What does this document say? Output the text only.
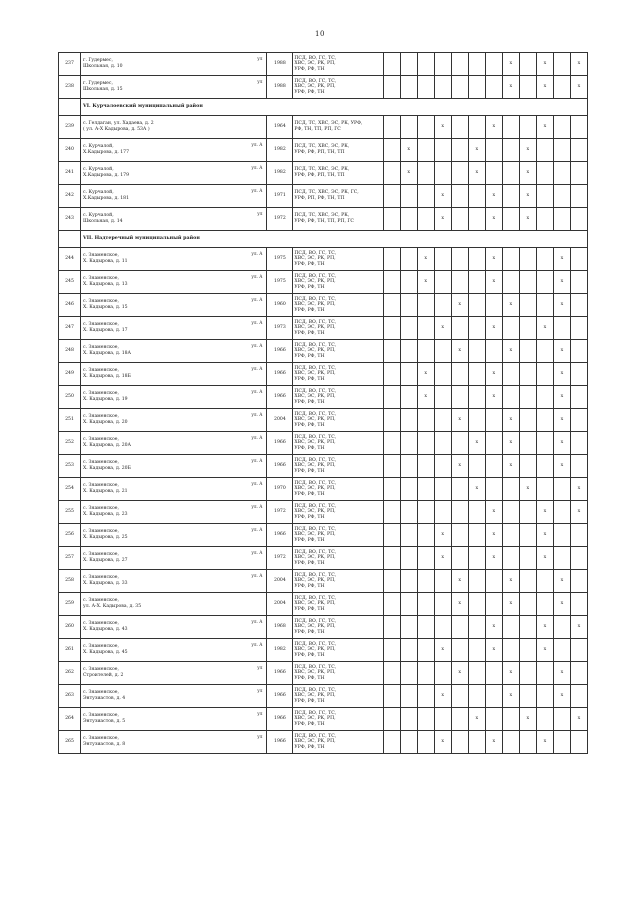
10
237	г. Гудермес,
Школьная, д. 10
ул	1988	ПСД, ВО, ГС, ТС,
ХВС, ЭС, РК, РП,
УРФ, РФ, ТН								x		x		x
238	г. Гудермес,
Школьная, д. 15
ул	1988	ПСД, ВО, ГС, ТС,
ХВС, ЭС, РК, РП,
УРФ, РФ, ТН								x		x		x
	VI. Курчалоевский муниципальный район														
239	с. Гелдаган, ул. Хадаева, д. 2
( ул. А-Х Кадырова, д. 53А )	1964	ПСД, ТС, ХВС, ЭС, РК, УРФ,
РФ, ТН, ТП, РП, ГС				x			x			x		
240	с. Курчалой,
Х.Кадырова, д. 177
ул. А	1982	ПСД, ТС, ХВС, ЭС, РК,
УРФ, РФ, РП, ТН, ТП		x				x			x			
241	с. Курчалой,
Х.Кадырова, д. 179
ул. А	1982	ПСД, ТС, ХВС, ЭС, РК,
УРФ, РФ, РП, ТН, ТП		x				x			x			
242	с. Курчалой,
Х.Кадырова, д. 181
ул. А	1971	ПСД, ТС, ХВС, ЭС, РК, ГС,
УРФ, РП, РФ, ТН, ТП				x			x		x			
243	с. Курчалой,
Школьная, д. 14
ул	1972	ПСД, ТС, ХВС, ЭС, РК,
УРФ, РФ, ТН, ТП, РП, ГС				x			x		x			
	VII. Надтеречный муниципальный район														
244	с. Знаменское,
Х. Кадырова, д. 11
ул. А	1975	ПСД, ВО, ГС, ТС,
ХВС, ЭС, РК, РП,
УРФ, РФ, ТН			x				x				x	
245	с. Знаменское,
Х. Кадырова, д. 13
ул. А	1975	ПСД, ВО, ГС, ТС,
ХВС, ЭС, РК, РП,
УРФ, РФ, ТН			x				x				x	
246	с. Знаменское,
Х. Кадырова, д. 15
ул. А	1960	ПСД, ВО, ГС, ТС,
ХВС, ЭС, РК, РП,
УРФ, РФ, ТН					x			x			x	
247	с. Знаменское,
Х. Кадырова, д. 17
ул. А	1973	ПСД, ВО, ГС, ТС,
ХВС, ЭС, РК, РП,
УРФ, РФ, ТН				x			x			x		
248	с. Знаменское,
Х. Кадырова, д. 18А
ул. А	1966	ПСД, ВО, ГС, ТС,
ХВС, ЭС, РК, РП,
УРФ, РФ, ТН					x			x			x	
249	с. Знаменское,
Х. Кадырова, д. 18Б
ул. А	1966	ПСД, ВО, ГС, ТС,
ХВС, ЭС, РК, РП,
УРФ, РФ, ТН			x				x				x	
250	с. Знаменское,
Х. Кадырова, д. 19
ул. А	1966	ПСД, ВО, ГС, ТС,
ХВС, ЭС, РК, РП,
УРФ, РФ, ТН			x				x				x	
251	с. Знаменское,
Х. Кадырова, д. 20
ул. А	2004	ПСД, ВО, ГС, ТС,
ХВС, ЭС, РК, РП,
УРФ, РФ, ТН					x			x			x	
252	с. Знаменское,
Х. Кадырова, д. 20А
ул. А	1966	ПСД, ВО, ГС, ТС,
ХВС, ЭС, РК, РП,
УРФ, РФ, ТН						x		x			x	
253	с. Знаменское,
Х. Кадырова, д. 20Б
ул. А	1966	ПСД, ВО, ГС, ТС,
ХВС, ЭС, РК, РП,
УРФ, РФ, ТН					x			x			x	
254	с. Знаменское,
Х. Кадырова, д. 21
ул. А	1970	ПСД, ВО, ГС, ТС,
ХВС, ЭС, РК, РП,
УРФ, РФ, ТН						x			x			x
255	с. Знаменское,
Х. Кадырова, д. 23
ул. А	1972	ПСД, ВО, ГС, ТС,
ХВС, ЭС, РК, РП,
УРФ, РФ, ТН							x			x		x
256	с. Знаменское,
Х. Кадырова, д. 25
ул. А	1966	ПСД, ВО, ГС, ТС,
ХВС, ЭС, РК, РП,
УРФ, РФ, ТН				x			x			x		
257	с. Знаменское,
Х. Кадырова, д. 27
ул. А	1972	ПСД, ВО, ГС, ТС,
ХВС, ЭС, РК, РП,
УРФ, РФ, ТН				x			x			x		
258	с. Знаменское,
Х. Кадырова, д. 33
ул. А	2004	ПСД, ВО, ГС, ТС,
ХВС, ЭС, РК, РП,
УРФ, РФ, ТН					x			x			x	
259	с. Знаменское,
ул. А-Х. Кадырова, д. 35	2004	ПСД, ВО, ГС, ТС,
ХВС, ЭС, РК, РП,
УРФ, РФ, ТН					x			x			x	
260	с. Знаменское,
Х. Кадырова, д. 43
ул. А	1968	ПСД, ВО, ГС, ТС,
ХВС, ЭС, РК, РП,
УРФ, РФ, ТН							x			x		x
261	с. Знаменское,
Х. Кадырова, д. 45
ул. А	1982	ПСД, ВО, ГС, ТС,
ХВС, ЭС, РК, РП,
УРФ, РФ, ТН				x			x			x		
262	с. Знаменское,
Строителей, д. 2
ул	1966	ПСД, ВО, ГС, ТС,
ХВС, ЭС, РК, РП,
УРФ, РФ, ТН					x			x			x	
263	с. Знаменское,
Энтузиастов, д. 4
ул	1966	ПСД, ВО, ГС, ТС,
ХВС, ЭС, РК, РП,
УРФ, РФ, ТН				x				x			x	
264	с. Знаменское,
Энтузиастов, д. 5
ул	1966	ПСД, ВО, ГС, ТС,
ХВС, ЭС, РК, РП,
УРФ, РФ, ТН						x			x			x
265	с. Знаменское,
Энтузиастов, д. 8
ул	1966	ПСД, ВО, ГС, ТС,
ХВС, ЭС, РК, РП,
УРФ, РФ, ТН				x			x			x		
